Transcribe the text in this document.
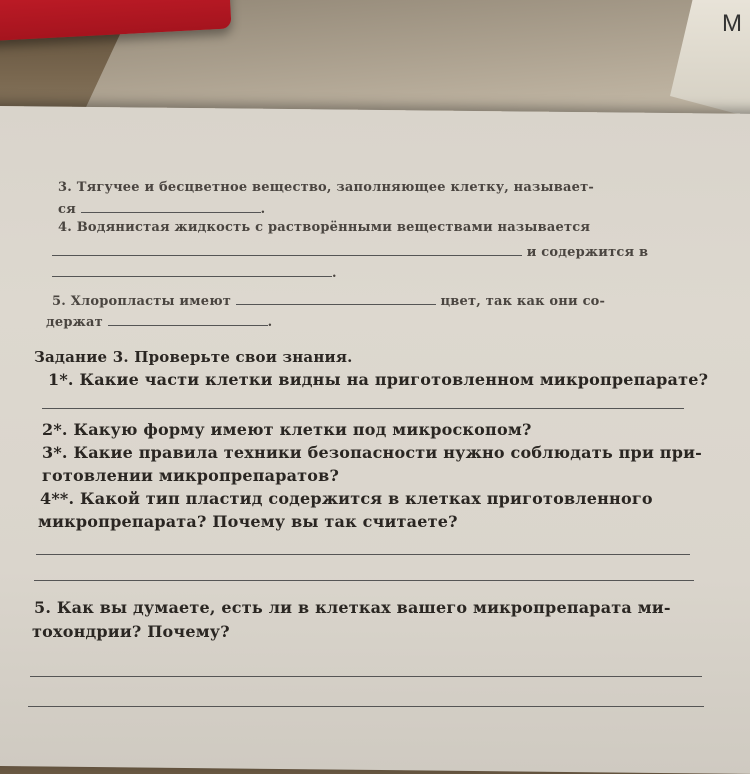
M
3. Тягучее и бесцветное вещество, заполняющее клетку, называет-
ся	.
4. Водянистая жидкость с растворёнными веществами называется
и содержится в
.
5. Хлоропласты имеют	цвет, так как они со-
держат	.
Задание 3. Проверьте свои знания.
1*. Какие части клетки видны на приготовленном микропрепарате?
2*. Какую форму имеют клетки под микроскопом?
3*. Какие правила техники безопасности нужно соблюдать при при-
готовлении микропрепаратов?
4**. Какой тип пластид содержится в клетках приготовленного
микропрепарата? Почему вы так считаете?
5. Как вы думаете, есть ли в клетках вашего микропрепарата ми-
тохондрии? Почему?
